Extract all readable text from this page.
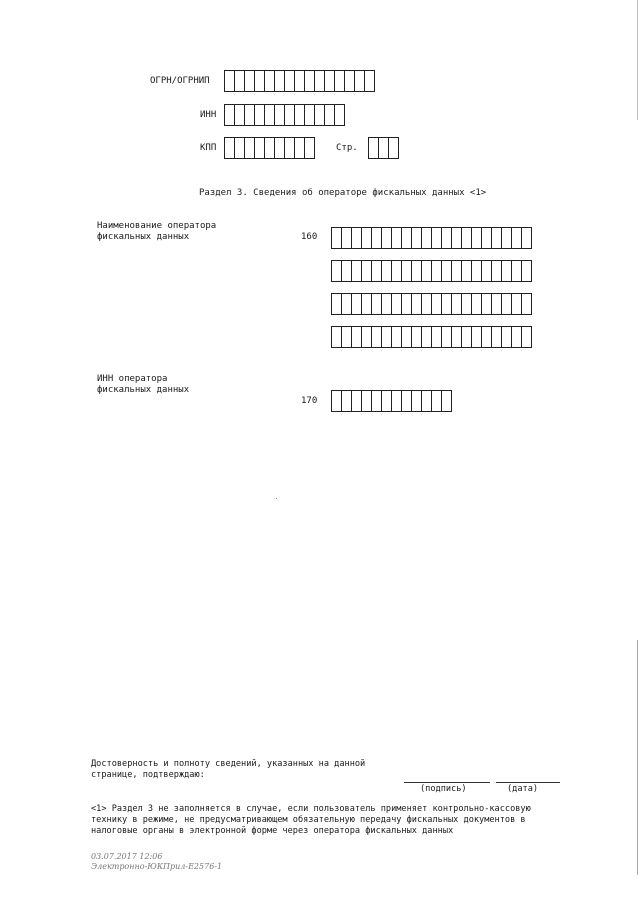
ОГРН/ОГРНИП
ИНН
КПП	Стр.
Раздел 3. Сведения об операторе фискальных данных <1>
Наименование оператора
фискальных данных	160
ИНН оператора
фискальных данных
170
Достоверность и полноту сведений, указанных на данной
странице, подтверждаю:
(подпись)	(дата)
<1> Раздел 3 не заполняется в случае, если пользователь применяет контрольно-кассовую
технику в режиме, не предусматривающем обязательную передачу фискальных документов в
налоговые органы в электронной форме через оператора фискальных данных
03.07.2017 12:06
Электронно-ЮКПрил-E2576-1
